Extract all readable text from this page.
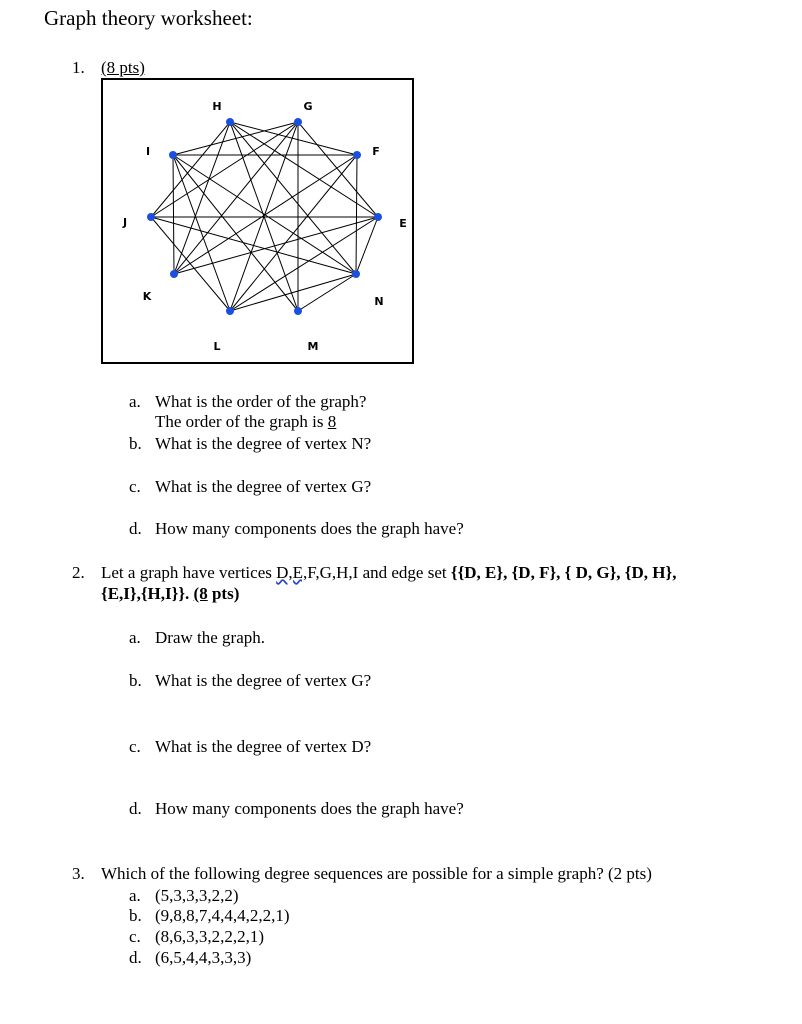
Graph theory worksheet:
1. (8 pts)
H	G
F
E
N
M
L
K
J
I
a. What is the order of the graph?
The order of the graph is 8
b. What is the degree of vertex N?
c. What is the degree of vertex G?
d. How many components does the graph have?
2. Let a graph have vertices D,E,F,G,H,I and edge set {{D, E}, {D, F}, { D, G}, {D, H},
{E,I},{H,I}}. (8 pts)
a. Draw the graph.
b. What is the degree of vertex G?
c. What is the degree of vertex D?
d. How many components does the graph have?
3. Which of the following degree sequences are possible for a simple graph? (2 pts)
a. (5,3,3,3,2,2)
b. (9,8,8,7,4,4,4,2,2,1)
c. (8,6,3,3,2,2,2,1)
d. (6,5,4,4,3,3,3)
